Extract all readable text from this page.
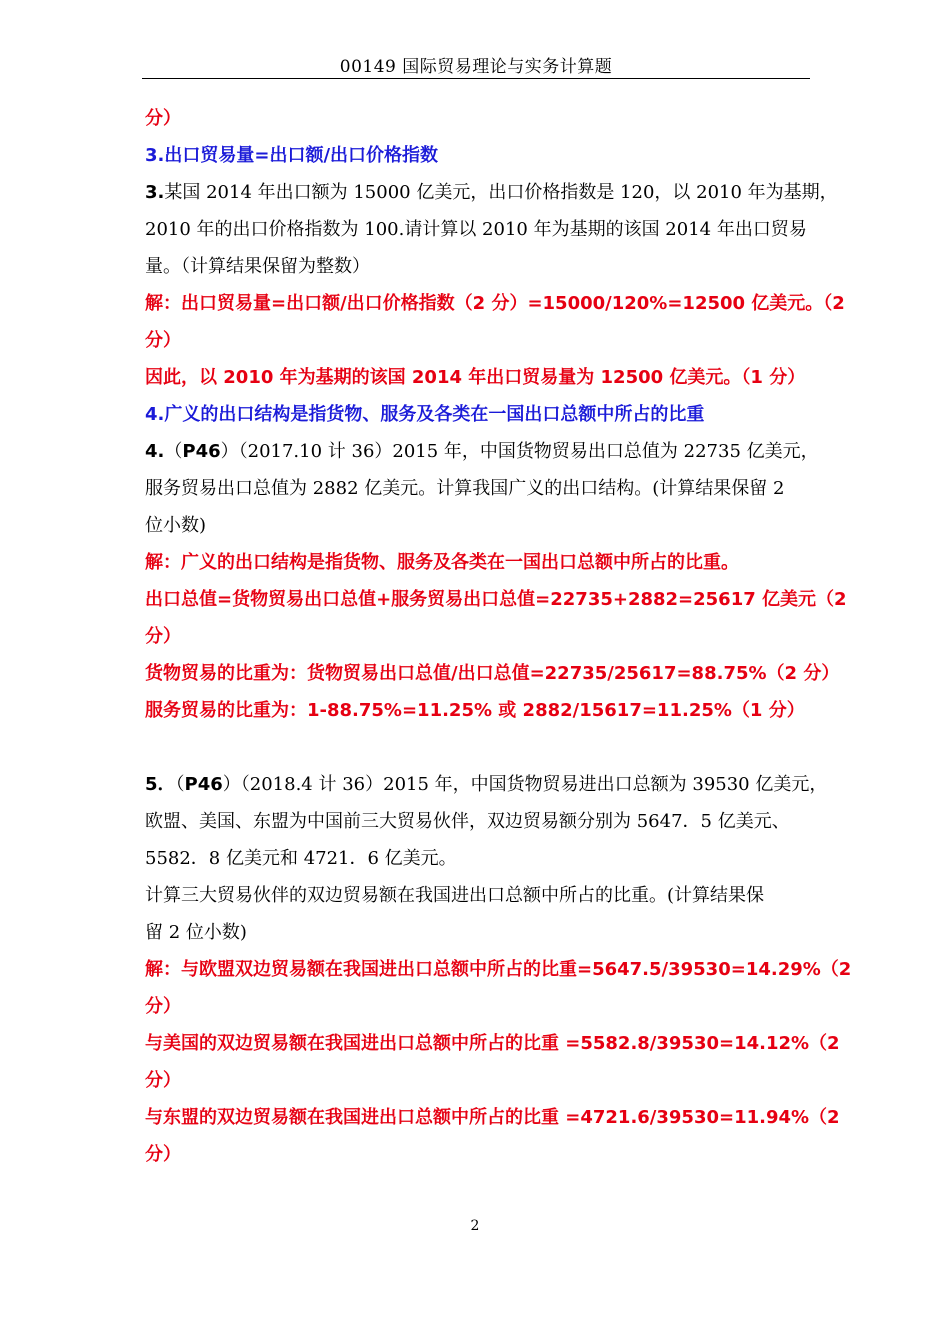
00149 国际贸易理论与实务计算题
分）
3.出口贸易量=出口额/出口价格指数
3.某国 2014 年出口额为 15000 亿美元，出口价格指数是 120，以 2010 年为基期，
2010 年的出口价格指数为 100.请计算以 2010 年为基期的该国 2014 年出口贸易
量。（计算结果保留为整数）
解：出口贸易量=出口额/出口价格指数（2 分）=15000/120%=12500 亿美元。（2
分）
因此，以 2010 年为基期的该国 2014 年出口贸易量为 12500 亿美元。（1 分）
4.广义的出口结构是指货物、服务及各类在一国出口总额中所占的比重
4.（P46）（2017.10 计 36）2015 年，中国货物贸易出口总值为 22735 亿美元，
服务贸易出口总值为 2882 亿美元。计算我国广义的出口结构。(计算结果保留 2
位小数)
解：广义的出口结构是指货物、服务及各类在一国出口总额中所占的比重。
出口总值=货物贸易出口总值+服务贸易出口总值=22735+2882=25617 亿美元（2
分）
货物贸易的比重为：货物贸易出口总值/出口总值=22735/25617=88.75%（2 分）
服务贸易的比重为：1-88.75%=11.25% 或 2882/15617=11.25%（1 分）
5．（P46）（2018.4 计 36）2015 年，中国货物贸易进出口总额为 39530 亿美元，
欧盟、美国、东盟为中国前三大贸易伙伴，双边贸易额分别为 5647．5 亿美元、
5582．8 亿美元和 4721．6 亿美元。
计算三大贸易伙伴的双边贸易额在我国进出口总额中所占的比重。(计算结果保
留 2 位小数)
解：与欧盟双边贸易额在我国进出口总额中所占的比重=5647.5/39530=14.29%（2
分）
与美国的双边贸易额在我国进出口总额中所占的比重 =5582.8/39530=14.12%（2
分）
与东盟的双边贸易额在我国进出口总额中所占的比重 =4721.6/39530=11.94%（2
分）
2
